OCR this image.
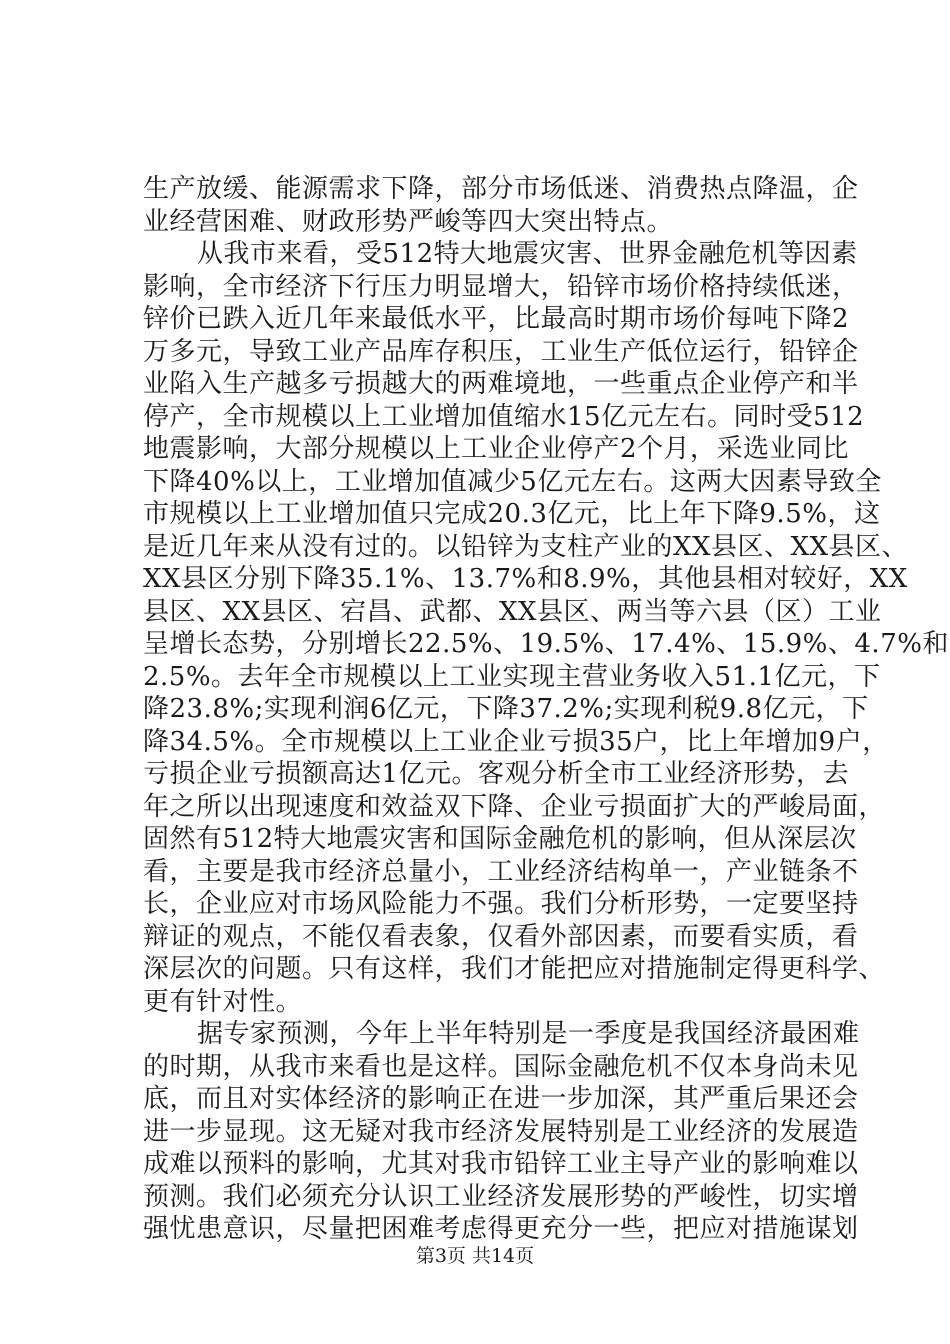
生产放缓、能源需求下降，部分市场低迷、消费热点降温，企
业经营困难、财政形势严峻等四大突出特点。
从我市来看，受512特大地震灾害、世界金融危机等因素
影响，全市经济下行压力明显增大，铅锌市场价格持续低迷，
锌价已跌入近几年来最低水平，比最高时期市场价每吨下降2
万多元，导致工业产品库存积压，工业生产低位运行，铅锌企
业陷入生产越多亏损越大的两难境地，一些重点企业停产和半
停产，全市规模以上工业增加值缩水15亿元左右。同时受512
地震影响，大部分规模以上工业企业停产2个月，采选业同比
下降40%以上，工业增加值减少5亿元左右。这两大因素导致全
市规模以上工业增加值只完成20.3亿元，比上年下降9.5%，这
是近几年来从没有过的。以铅锌为支柱产业的XX县区、XX县区、
XX县区分别下降35.1%、13.7%和8.9%，其他县相对较好，XX
县区、XX县区、宕昌、武都、XX县区、两当等六县（区）工业
呈增长态势，分别增长22.5%、19.5%、17.4%、15.9%、4.7%和
2.5%。去年全市规模以上工业实现主营业务收入51.1亿元，下
降23.8%;实现利润6亿元，下降37.2%;实现利税9.8亿元，下
降34.5%。全市规模以上工业企业亏损35户，比上年增加9户，
亏损企业亏损额高达1亿元。客观分析全市工业经济形势，去
年之所以出现速度和效益双下降、企业亏损面扩大的严峻局面，
固然有512特大地震灾害和国际金融危机的影响，但从深层次
看，主要是我市经济总量小，工业经济结构单一，产业链条不
长，企业应对市场风险能力不强。我们分析形势，一定要坚持
辩证的观点，不能仅看表象，仅看外部因素，而要看实质，看
深层次的问题。只有这样，我们才能把应对措施制定得更科学、
更有针对性。
据专家预测，今年上半年特别是一季度是我国经济最困难
的时期，从我市来看也是这样。国际金融危机不仅本身尚未见
底，而且对实体经济的影响正在进一步加深，其严重后果还会
进一步显现。这无疑对我市经济发展特别是工业经济的发展造
成难以预料的影响，尤其对我市铅锌工业主导产业的影响难以
预测。我们必须充分认识工业经济发展形势的严峻性，切实增
强忧患意识，尽量把困难考虑得更充分一些，把应对措施谋划
第3页 共14页
